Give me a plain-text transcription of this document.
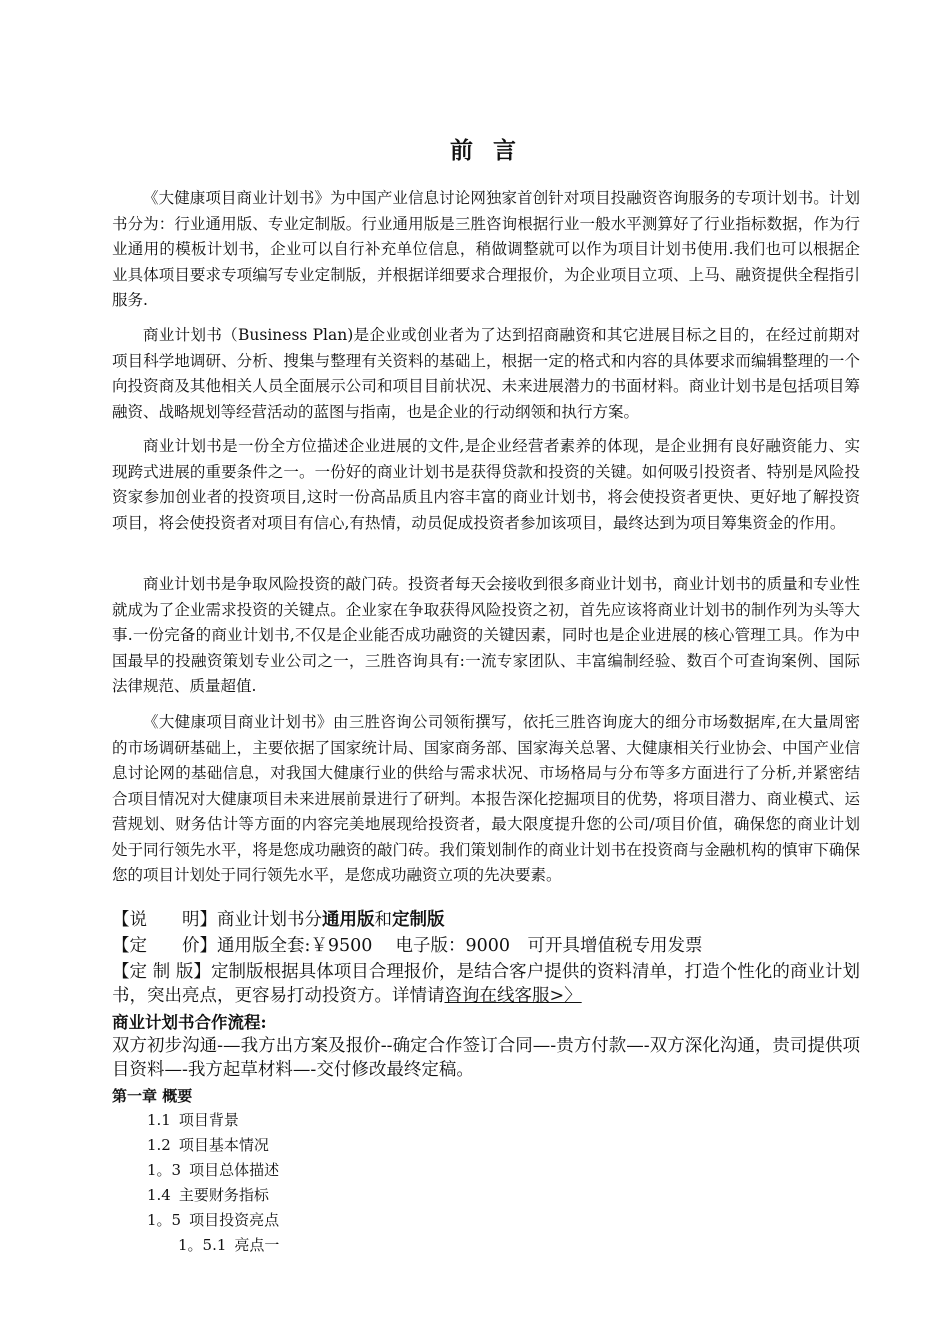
前 言

《大健康项目商业计划书》为中国产业信息讨论网独家首创针对项目投融资咨询服务的专项计划书。计划书分为：行业通用版、专业定制版。行业通用版是三胜咨询根据行业一般水平测算好了行业指标数据，作为行业通用的模板计划书，企业可以自行补充单位信息，稍做调整就可以作为项目计划书使用.我们也可以根据企业具体项目要求专项编写专业定制版，并根据详细要求合理报价，为企业项目立项、上马、融资提供全程指引服务.

商业计划书（Business Plan)是企业或创业者为了达到招商融资和其它进展目标之目的，在经过前期对项目科学地调研、分析、搜集与整理有关资料的基础上，根据一定的格式和内容的具体要求而编辑整理的一个向投资商及其他相关人员全面展示公司和项目目前状况、未来进展潜力的书面材料。商业计划书是包括项目筹融资、战略规划等经营活动的蓝图与指南，也是企业的行动纲领和执行方案。

商业计划书是一份全方位描述企业进展的文件,是企业经营者素养的体现，是企业拥有良好融资能力、实现跨式进展的重要条件之一。一份好的商业计划书是获得贷款和投资的关键。如何吸引投资者、特别是风险投资家参加创业者的投资项目,这时一份高品质且内容丰富的商业计划书，将会使投资者更快、更好地了解投资项目，将会使投资者对项目有信心,有热情，动员促成投资者参加该项目，最终达到为项目筹集资金的作用。

商业计划书是争取风险投资的敲门砖。投资者每天会接收到很多商业计划书，商业计划书的质量和专业性就成为了企业需求投资的关键点。企业家在争取获得风险投资之初，首先应该将商业计划书的制作列为头等大事.一份完备的商业计划书,不仅是企业能否成功融资的关键因素，同时也是企业进展的核心管理工具。作为中国最早的投融资策划专业公司之一，三胜咨询具有:一流专家团队、丰富编制经验、数百个可查询案例、国际法律规范、质量超值.

《大健康项目商业计划书》由三胜咨询公司领衔撰写，依托三胜咨询庞大的细分市场数据库,在大量周密的市场调研基础上，主要依据了国家统计局、国家商务部、国家海关总署、大健康相关行业协会、中国产业信息讨论网的基础信息，对我国大健康行业的供给与需求状况、市场格局与分布等多方面进行了分析,并紧密结合项目情况对大健康项目未来进展前景进行了研判。本报告深化挖掘项目的优势，将项目潜力、商业模式、运营规划、财务估计等方面的内容完美地展现给投资者，最大限度提升您的公司/项目价值，确保您的商业计划处于同行领先水平，将是您成功融资的敲门砖。我们策划制作的商业计划书在投资商与金融机构的慎审下确保您的项目计划处于同行领先水平，是您成功融资立项的先决要素。

【说　　明】商业计划书分通用版和定制版

【定　　价】通用版全套:￥9500　 电子版：9000　可开具增值税专用发票

【定 制 版】定制版根据具体项目合理报价，是结合客户提供的资料清单，打造个性化的商业计划书，突出亮点，更容易打动投资方。详情请咨询在线客服>〉

商业计划书合作流程:

双方初步沟通-—我方出方案及报价--确定合作签订合同—-贵方付款—-双方深化沟通，贵司提供项目资料—-我方起草材料—-交付修改最终定稿。

第一章 概要
1.1 项目背景
1.2 项目基本情况
1。3 项目总体描述
1.4 主要财务指标
1。5 项目投资亮点
1。5.1 亮点一
